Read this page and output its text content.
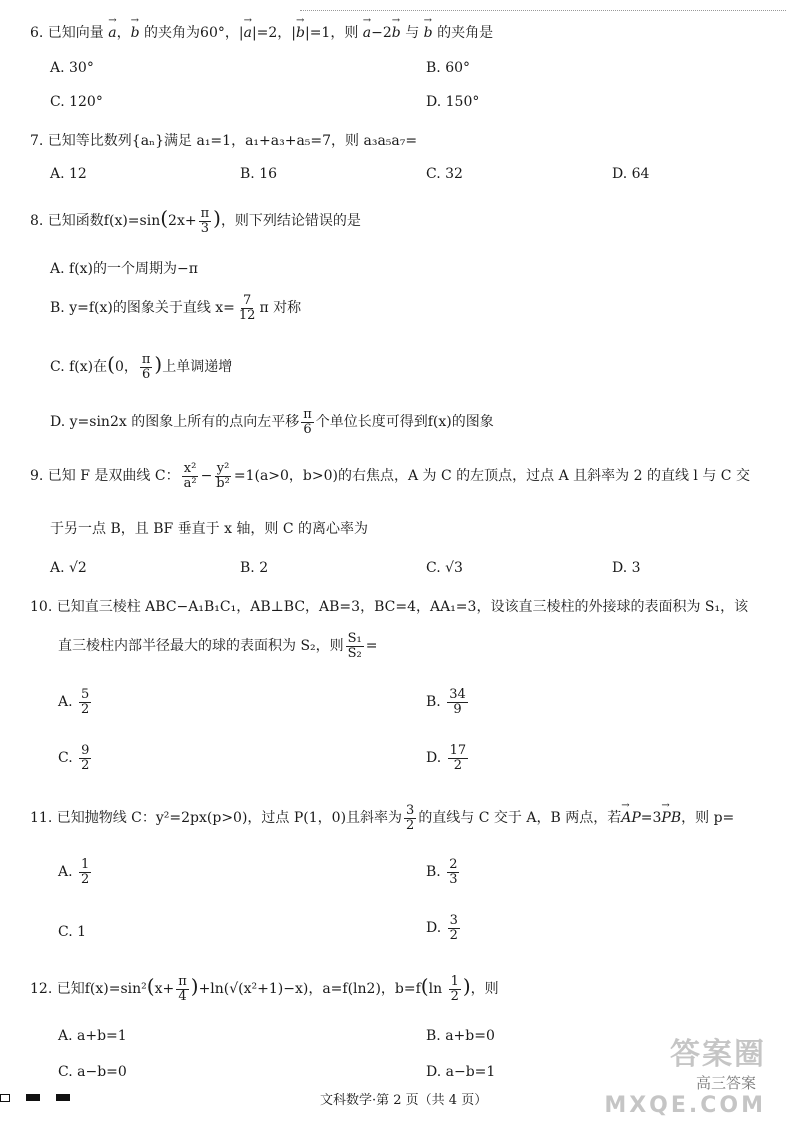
6. 已知向量 → a，→ b 的夹角为60°，|→ a|=2，|→ b|=1，则 → a−2→ b 与 → b 的夹角是
A. 30°	B. 60°
C. 120°	D. 150°
7. 已知等比数列{aₙ}满足 a₁=1，a₁+a₃+a₅=7，则 a₃a₅a₇=
A. 12	B. 16	C. 32	D. 64
8. 已知函数$f(x)=\sin(2x+ \frac{\pi}{3}$ )，则下列结论错误的是
A. f(x)的一个周期为−π
B. y=f(x)的图象关于直线 $x= \frac{7}{12}$ π 对称
C. f(x)在(0， $\frac{\pi}{6}$ )上单调递增
D. y=sin2x 的图象上所有的点向左平移 $\frac{\pi}{6}$ 个单位长度可得到f(x)的图象
9. 已知 F 是双曲线 C： $\frac{\text{x²}}{\text{a²}} - \frac{\text{y²}}{\text{b²}} =1(a>0$，b>0)的右焦点，A 为 C 的左顶点，过点 A 且斜率为 2 的直线 l 与 C 交
于另一点 B，且 BF 垂直于 x 轴，则 C 的离心率为
A. √2	B. 2	C. √3	D. 3
10. 已知直三棱柱 ABC−A₁B₁C₁，AB⊥BC，AB=3，BC=4，AA₁=3，设该直三棱柱的外接球的表面积为 S₁，该
直三棱柱内部半径最大的球的表面积为 S₂，则 $\frac{\text{S₁}}{\text{S₂}}$ =
A. $\frac{5}{2}$	B. $\frac{34}{9}$
C. $\frac{9}{2}$	D. $\frac{17}{2}$
11. 已知抛物线 C：y²=2px(p>0)，过点 P(1，0)且斜率为 $\frac{3}{2}$ 的直线与 C 交于 A，B 两点，若→ AP=3→ PB，则 p=
A. $\frac{1}{2}$	B. $\frac{2}{3}$
C. 1	D. $\frac{3}{2}$
12. 已知$f(x)=\sin^2(x+ \frac{\pi}{4} )+\ln(√(x^2+1)-x)$，a=f(ln2)，$b=f(\ln \frac{1}{2}$ )，则
A. a+b=1	B. a+b=0
C. a−b=0	D. a−b=1	答案圈
高三答案
MXQE.COM
文科数学·第 2 页（共 4 页）
